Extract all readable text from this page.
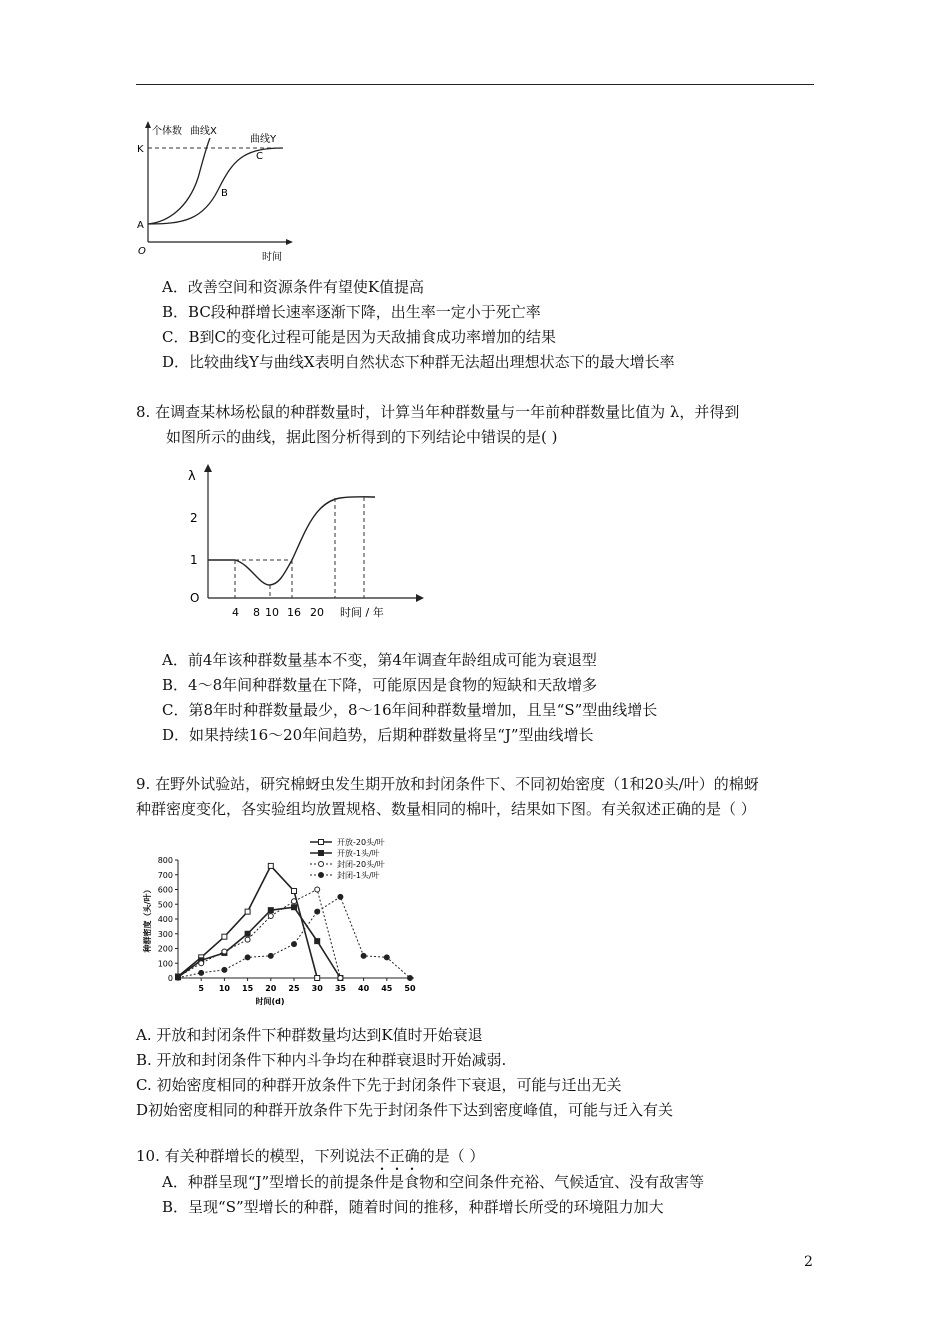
个体数 曲线X
曲线Y
K
A
B
C
O
时间
A．改善空间和资源条件有望使K值提高
B．BC段种群增长速率逐渐下降，出生率一定小于死亡率
C．B到C的变化过程可能是因为天敌捕食成功率增加的结果
D．比较曲线Y与曲线X表明自然状态下种群无法超出理想状态下的最大增长率
8. 在调查某林场松鼠的种群数量时，计算当年种群数量与一年前种群数量比值为 λ，并得到
如图所示的曲线，据此图分析得到的下列结论中错误的是( )
λ
2
1
O
4 8 10 16 20 时间 / 年
A．前4年该种群数量基本不变，第4年调查年龄组成可能为衰退型
B．4～8年间种群数量在下降，可能原因是食物的短缺和天敌增多
C．第8年时种群数量最少，8～16年间种群数量增加，且呈“S”型曲线增长
D．如果持续16～20年间趋势，后期种群数量将呈“J”型曲线增长
9. 在野外试验站，研究棉蚜虫发生期开放和封闭条件下、不同初始密度（1和20头/叶）的棉蚜
种群密度变化，各实验组均放置规格、数量相同的棉叶，结果如下图。有关叙述正确的是（ ）
0
100
200
300
400
500
600
700
800
5 10 15 20 25 30 35 40 45 50
时间(d)
种群密度（头/叶）
开放-20头/叶
开放-1头/叶
封闭-20头/叶
封闭-1头/叶
A. 开放和封闭条件下种群数量均达到K值时开始衰退
B. 开放和封闭条件下种内斗争均在种群衰退时开始减弱.
C. 初始密度相同的种群开放条件下先于封闭条件下衰退，可能与迁出无关
D初始密度相同的种群开放条件下先于封闭条件下达到密度峰值，可能与迁入有关
10. 有关种群增长的模型，下列说法不正确的是（ ）
A．种群呈现“J”型增长的前提条件是食物和空间条件充裕、气候适宜、没有敌害等
B．呈现“S”型增长的种群，随着时间的推移，种群增长所受的环境阻力加大
2
